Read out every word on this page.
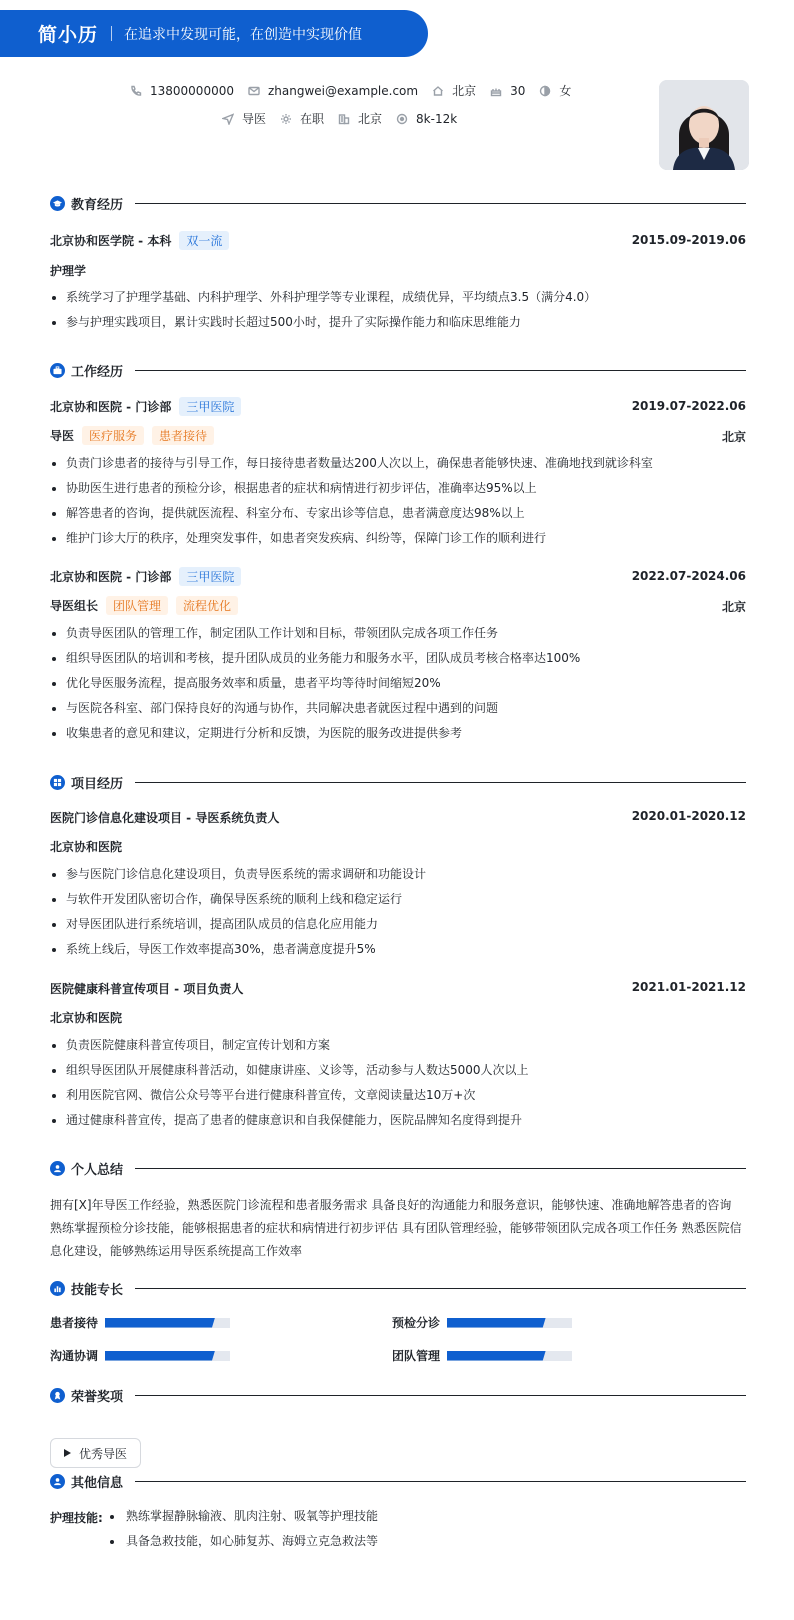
简小历 在追求中发现可能，在创造中实现价值
13800000000	zhangwei@example.com	北京	30	女
导医	在职	北京	8k-12k
教育经历
北京协和医学院 - 本科	双一流	2015.09-2019.06
护理学
系统学习了护理学基础、内科护理学、外科护理学等专业课程，成绩优异，平均绩点3.5（满分4.0）
参与护理实践项目，累计实践时长超过500小时，提升了实际操作能力和临床思维能力
工作经历
北京协和医院 - 门诊部	三甲医院	2019.07-2022.06
导医	医疗服务	患者接待	北京
负责门诊患者的接待与引导工作，每日接待患者数量达200人次以上，确保患者能够快速、准确地找到就诊科室
协助医生进行患者的预检分诊，根据患者的症状和病情进行初步评估，准确率达95%以上
解答患者的咨询，提供就医流程、科室分布、专家出诊等信息，患者满意度达98%以上
维护门诊大厅的秩序，处理突发事件，如患者突发疾病、纠纷等，保障门诊工作的顺利进行
北京协和医院 - 门诊部	三甲医院	2022.07-2024.06
导医组长	团队管理	流程优化	北京
负责导医团队的管理工作，制定团队工作计划和目标，带领团队完成各项工作任务
组织导医团队的培训和考核，提升团队成员的业务能力和服务水平，团队成员考核合格率达100%
优化导医服务流程，提高服务效率和质量，患者平均等待时间缩短20%
与医院各科室、部门保持良好的沟通与协作，共同解决患者就医过程中遇到的问题
收集患者的意见和建议，定期进行分析和反馈，为医院的服务改进提供参考
项目经历
医院门诊信息化建设项目 - 导医系统负责人	2020.01-2020.12
北京协和医院
参与医院门诊信息化建设项目，负责导医系统的需求调研和功能设计
与软件开发团队密切合作，确保导医系统的顺利上线和稳定运行
对导医团队进行系统培训，提高团队成员的信息化应用能力
系统上线后，导医工作效率提高30%，患者满意度提升5%
医院健康科普宣传项目 - 项目负责人	2021.01-2021.12
北京协和医院
负责医院健康科普宣传项目，制定宣传计划和方案
组织导医团队开展健康科普活动，如健康讲座、义诊等，活动参与人数达5000人次以上
利用医院官网、微信公众号等平台进行健康科普宣传，文章阅读量达10万+次
通过健康科普宣传，提高了患者的健康意识和自我保健能力，医院品牌知名度得到提升
个人总结
拥有[X]年导医工作经验，熟悉医院门诊流程和患者服务需求 具备良好的沟通能力和服务意识，能够快速、准确地解答患者的咨询
熟练掌握预检分诊技能，能够根据患者的症状和病情进行初步评估 具有团队管理经验，能够带领团队完成各项工作任务 熟悉医院信
息化建设，能够熟练运用导医系统提高工作效率
技能专长
患者接待	预检分诊
沟通协调	团队管理
荣誉奖项
优秀导医
其他信息
护理技能:	熟练掌握静脉输液、肌肉注射、吸氧等护理技能
具备急救技能，如心肺复苏、海姆立克急救法等
